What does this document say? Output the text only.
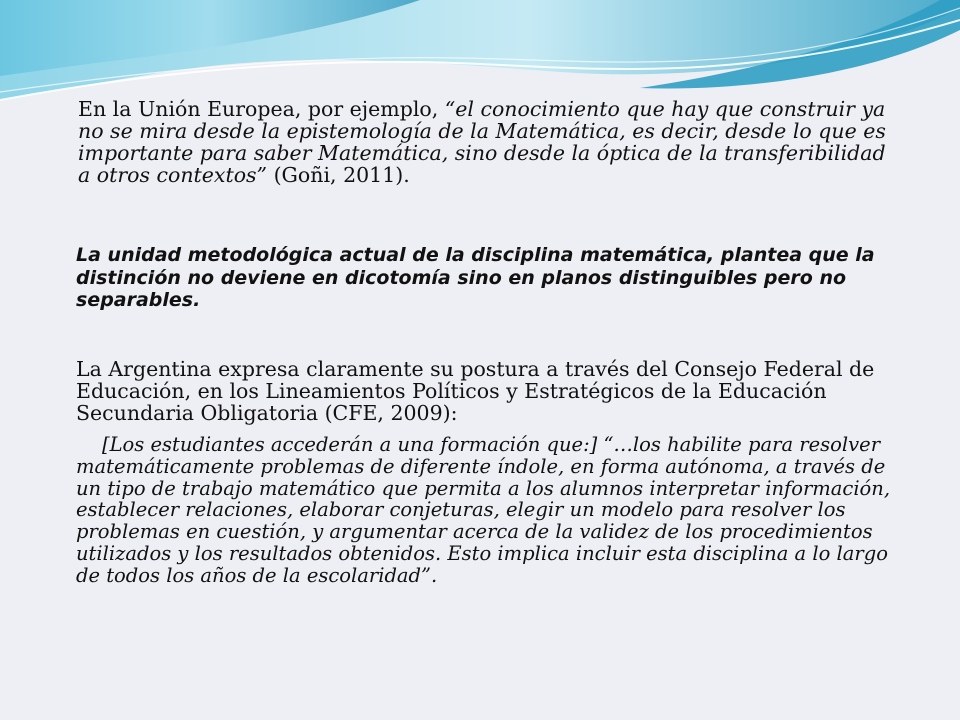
En la Unión Europea, por ejemplo, “el conocimiento que hay que construir ya no se mira desde la epistemología de la Matemática, es decir, desde lo que es importante para saber Matemática, sino desde la óptica de la transferibilidad a otros contextos” (Goñi, 2011).

La unidad metodológica actual de la disciplina matemática, plantea que la distinción no deviene en dicotomía sino en planos distinguibles pero no separables.

La Argentina expresa claramente su postura a través del Consejo Federal de Educación, en los Lineamientos Políticos y Estratégicos de la Educación Secundaria Obligatoria (CFE, 2009):

[Los estudiantes accederán a una formación que:] “…los habilite para resolver matemáticamente problemas de diferente índole, en forma autónoma, a través de un tipo de trabajo matemático que permita a los alumnos interpretar información, establecer relaciones, elaborar conjeturas, elegir un modelo para resolver los problemas en cuestión, y argumentar acerca de la validez de los procedimientos utilizados y los resultados obtenidos. Esto implica incluir esta disciplina a lo largo de todos los años de la escolaridad”.
